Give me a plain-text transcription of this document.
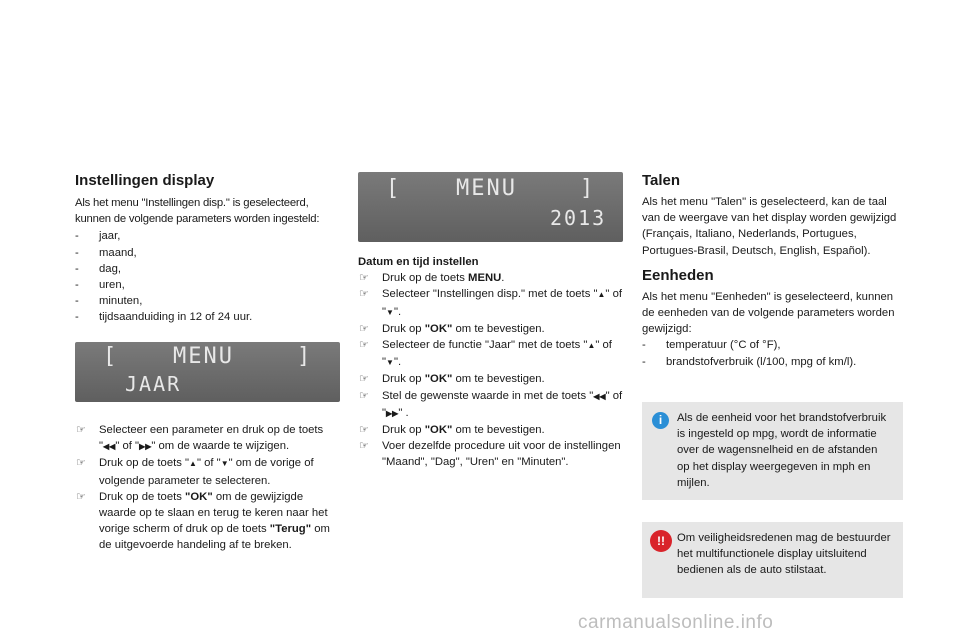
Instellingen display

Als het menu "Instellingen disp." is geselecteerd, kunnen de volgende parameters worden ingesteld:

- jaar,
- maand,
- dag,
- uren,
- minuten,
- tijdsaanduiding in 12 of 24 uur.
[ MENU	]
JAAR
☞ Selecteer een parameter en druk op de toets "◀◀" of "▶▶" om de waarde te wijzigen.
☞ Druk op de toets "▲" of "▼" om de vorige of volgende parameter te selecteren.
☞ Druk op de toets "OK" om de gewijzigde waarde op te slaan en terug te keren naar het vorige scherm of druk op de toets "Terug" om de uitgevoerde handeling af te breken.
[ MENU	]
2013

Datum en tijd instellen

☞ Druk op de toets MENU.
☞ Selecteer "Instellingen disp." met de toets "▲" of "▼".
☞ Druk op "OK" om te bevestigen.
☞ Selecteer de functie "Jaar" met de toets "▲" of "▼".
☞ Druk op "OK" om te bevestigen.
☞ Stel de gewenste waarde in met de toets "◀◀" of "▶▶" .
☞ Druk op "OK" om te bevestigen.
☞ Voer dezelfde procedure uit voor de instellingen "Maand", "Dag", "Uren" en "Minuten".
Talen

Als het menu "Talen" is geselecteerd, kan de taal van de weergave van het display worden gewijzigd (Français, Italiano, Nederlands, Portugues, Portugues-Brasil, Deutsch, English, Español).

Eenheden

Als het menu "Eenheden" is geselecteerd, kunnen de eenheden van de volgende parameters worden gewijzigd:

- temperatuur (°C of °F),
- brandstofverbruik (l/100, mpg of km/l).
i	Als de eenheid voor het brandstofverbruik is ingesteld op mpg, wordt de informatie over de wagensnelheid en de afstanden op het display weergegeven in mph en mijlen.
!!	Om veiligheidsredenen mag de bestuurder het multifunctionele display uitsluitend bedienen als de auto stilstaat.
carmanualsonline.info
